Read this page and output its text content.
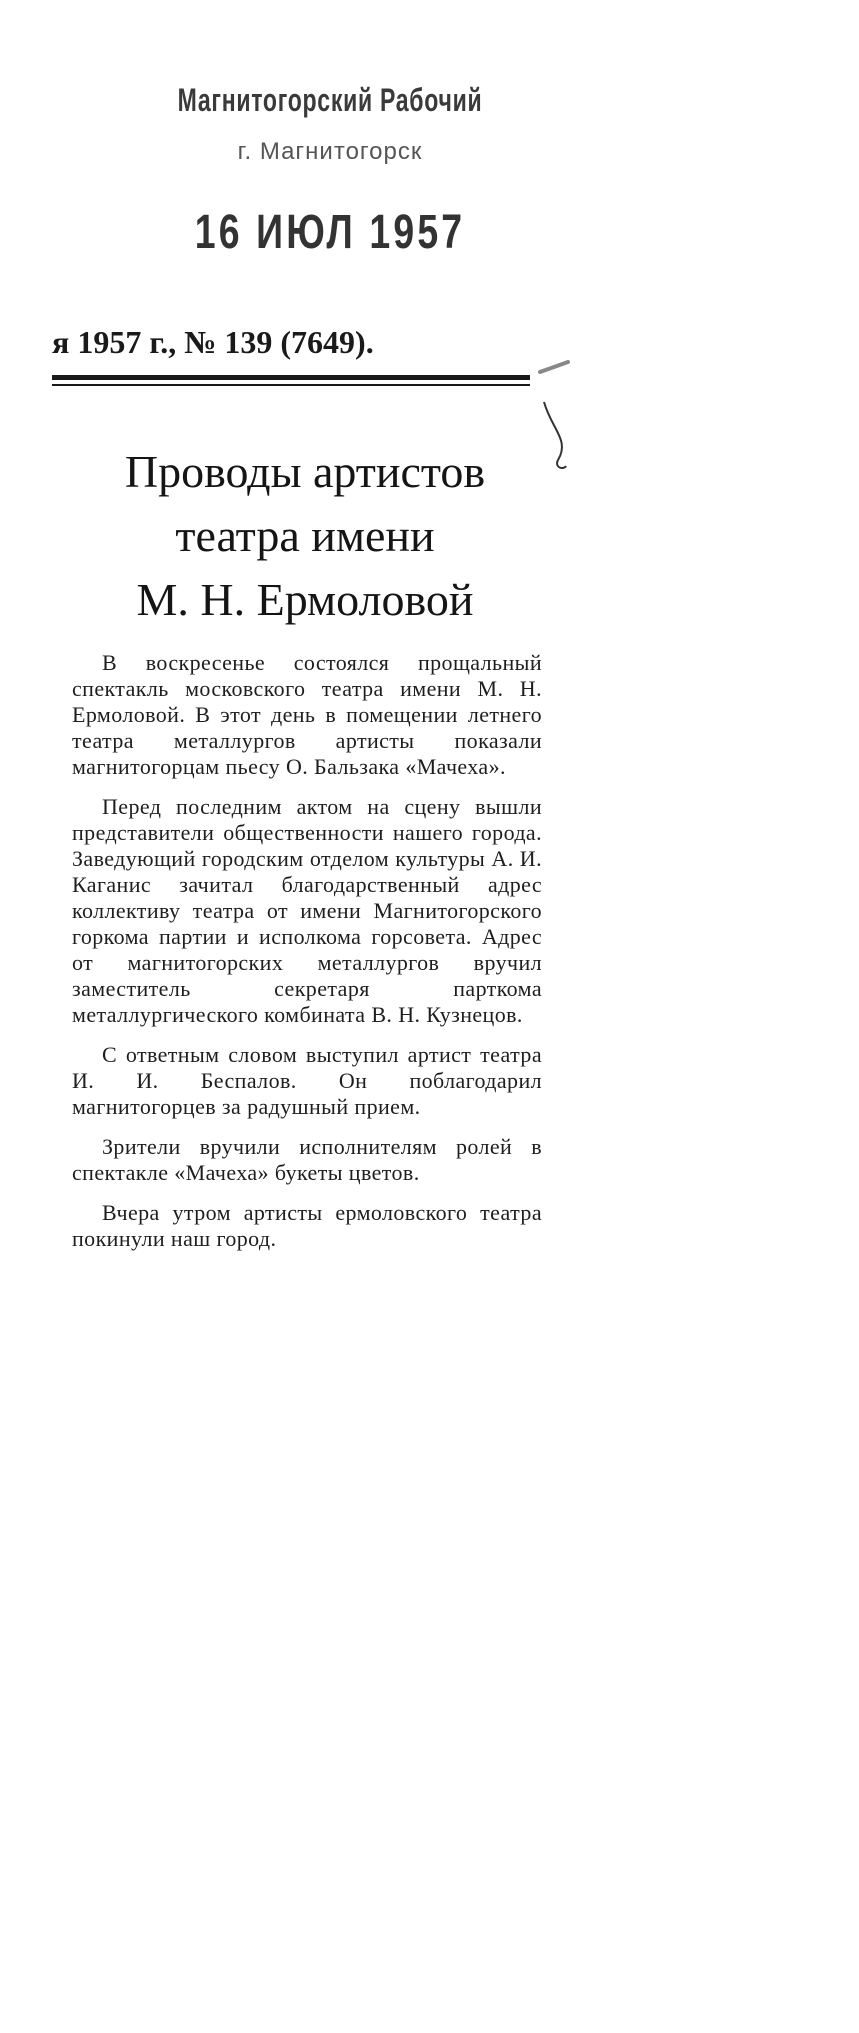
Магнитогорский Рабочий
г. Магнитогорск
16 ИЮЛ 1957
я 1957 г., № 139 (7649).
Проводы артистов
театра имени
М. Н. Ермоловой

В воскресенье состоялся прощальный спектакль московского театра имени М. Н. Ермоловой. В этот день в помещении летнего театра металлургов артисты показали магнитогорцам пьесу О. Бальзака «Мачеха».

Перед последним актом на сцену вышли представители общественности нашего города. Заведующий городским отделом культуры А. И. Каганис зачитал благодарственный адрес коллективу театра от имени Магнитогорского горкома партии и исполкома горсовета. Адрес от магнитогорских металлургов вручил заместитель секретаря парткома металлургического комбината В. Н. Кузнецов.

С ответным словом выступил артист театра И. И. Беспалов. Он поблагодарил магнитогорцев за радушный прием.

Зрители вручили исполнителям ролей в спектакле «Мачеха» букеты цветов.

Вчера утром артисты ермоловского театра покинули наш город.
